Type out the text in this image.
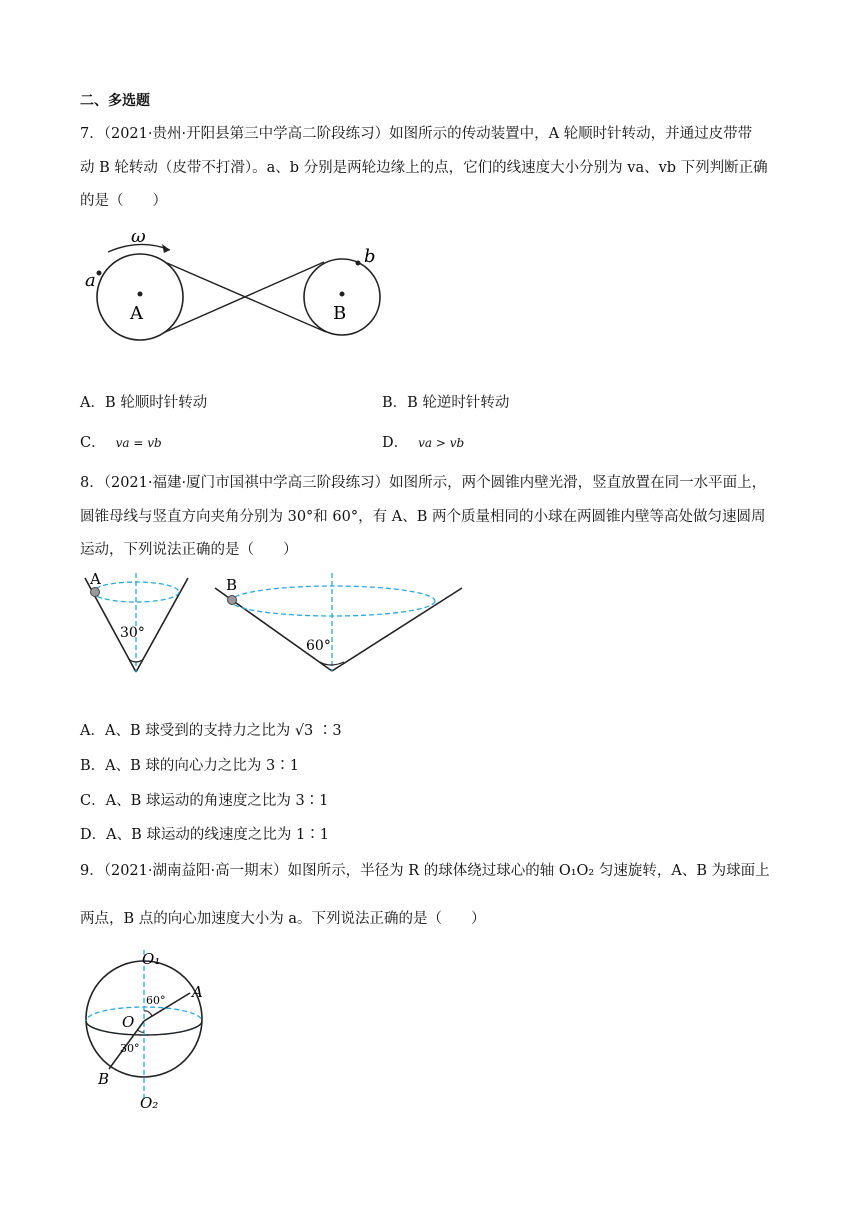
二、多选题
7．（2021·贵州·开阳县第三中学高二阶段练习）如图所示的传动装置中，A 轮顺时针转动，并通过皮带带
动 B 轮转动（皮带不打滑）。a、b 分别是两轮边缘上的点，它们的线速度大小分别为 va、vb 下列判断正确
的是（　　）
ω
a
b
A	B
A．B 轮顺时针转动	B．B 轮逆时针转动
C． va = vb	D． va > vb
8．（2021·福建·厦门市国祺中学高三阶段练习）如图所示，两个圆锥内壁光滑，竖直放置在同一水平面上，
圆锥母线与竖直方向夹角分别为 30°和 60°，有 A、B 两个质量相同的小球在两圆锥内壁等高处做匀速圆周
运动，下列说法正确的是（　　）
A
30°
B
60°
A．A、B 球受到的支持力之比为 √3 ∶3
B．A、B 球的向心力之比为 3∶1
C．A、B 球运动的角速度之比为 3∶1
D．A、B 球运动的线速度之比为 1∶1
9．（2021·湖南益阳·高一期末）如图所示，半径为 R 的球体绕过球心的轴 O₁O₂ 匀速旋转，A、B 为球面上
两点，B 点的向心加速度大小为 a。下列说法正确的是（　　）
O₁
O₂
O
A
B
60°
30°
